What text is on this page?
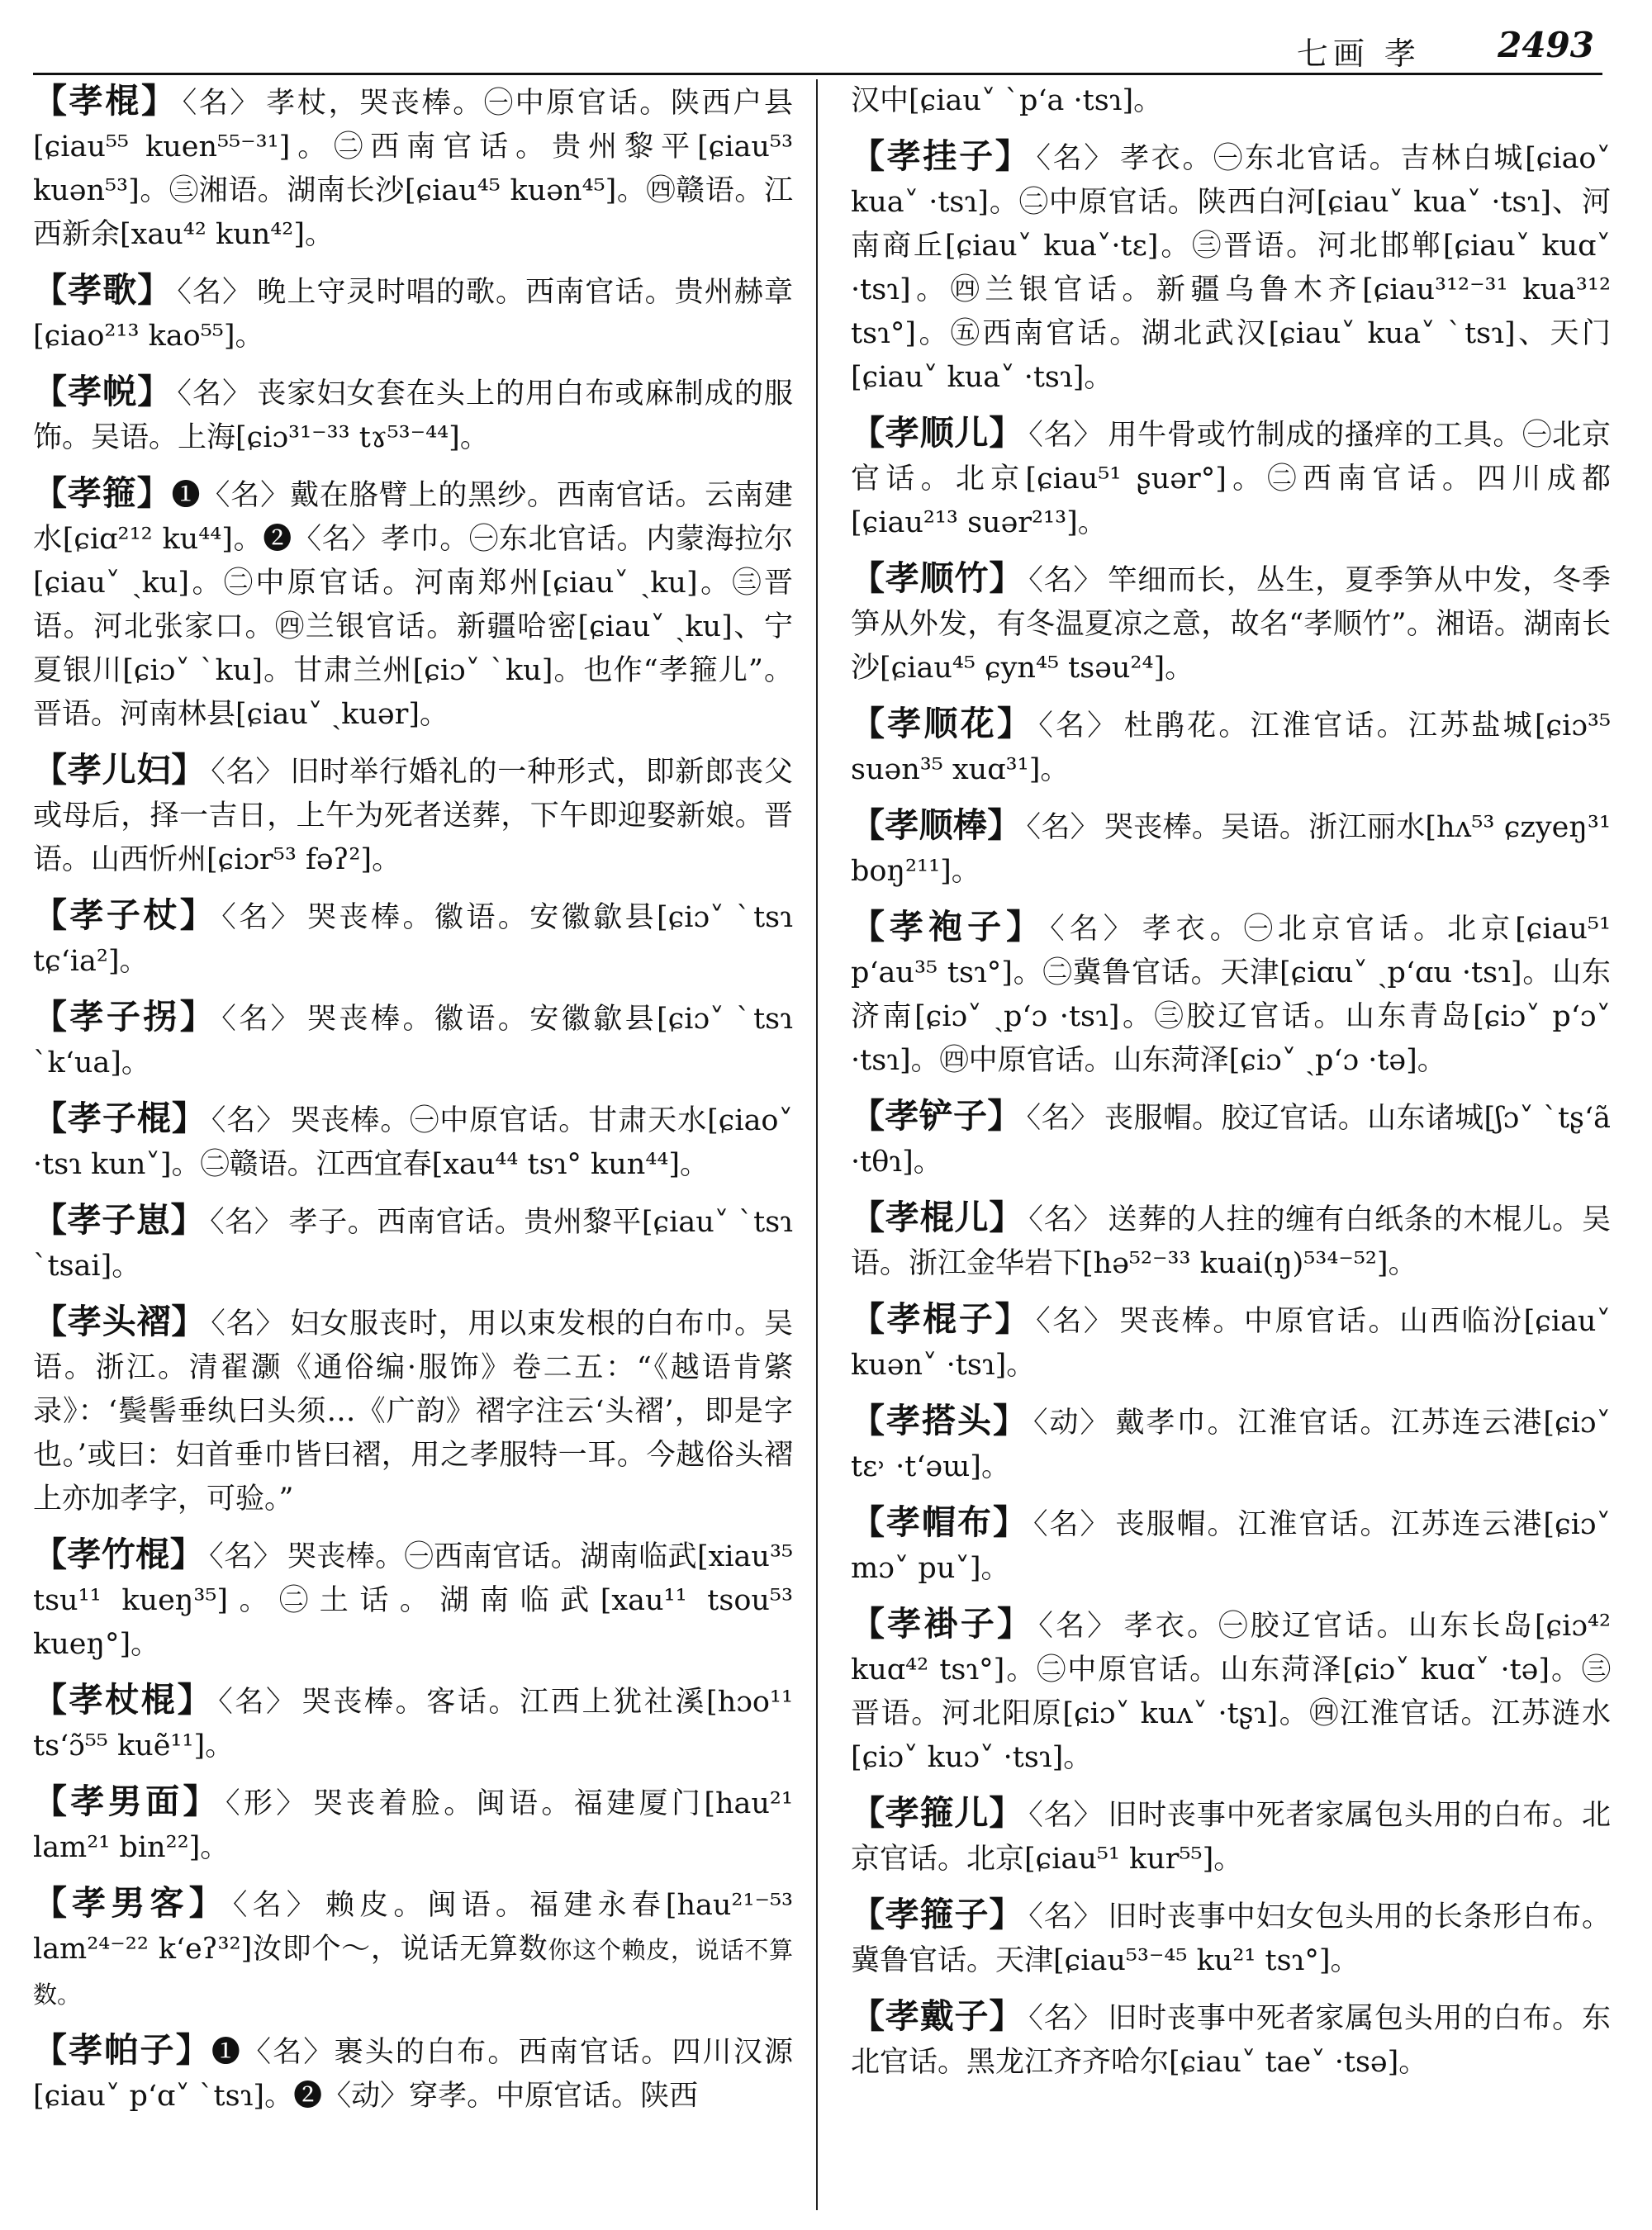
七画 孝 2493
【孝棍】 〈名〉 孝杖，哭丧棒。㊀中原官话。陕西户县[ɕiau⁵⁵ kuen⁵⁵⁻³¹]。㊁西南官话。贵州黎平[ɕiau⁵³ kuən⁵³]。㊂湘语。湖南长沙[ɕiau⁴⁵ kuən⁴⁵]。㊃赣语。江西新余[xau⁴² kun⁴²]。
【孝歌】 〈名〉 晚上守灵时唱的歌。西南官话。贵州赫章[ɕiao²¹³ kao⁵⁵]。
【孝帨】 〈名〉 丧家妇女套在头上的用白布或麻制成的服饰。吴语。上海[ɕiɔ³¹⁻³³ tɤ⁵³⁻⁴⁴]。
【孝箍】❶〈名〉戴在胳臂上的黑纱。西南官话。云南建水[ɕiɑ²¹² ku⁴⁴]。❷〈名〉孝巾。㊀东北官话。内蒙海拉尔[ɕiau˅ ˏku]。㊁中原官话。河南郑州[ɕiau˅ ˏku]。㊂晋语。河北张家口。㊃兰银官话。新疆哈密[ɕiau˅ ˏku]、宁夏银川[ɕiɔ˅ ˋku]。甘肃兰州[ɕiɔ˅ ˋku]。也作“孝箍儿”。晋语。河南林县[ɕiau˅ ˏkuər]。
【孝儿妇】 〈名〉 旧时举行婚礼的一种形式，即新郎丧父或母后，择一吉日，上午为死者送葬，下午即迎娶新娘。晋语。山西忻州[ɕiɔr⁵³ fəʔ²]。
【孝子杖】 〈名〉 哭丧棒。徽语。安徽歙县[ɕiɔ˅ ˋtsɿ tɕʻia²]。
【孝子拐】 〈名〉 哭丧棒。徽语。安徽歙县[ɕiɔ˅ ˋtsɿ ˋkʻua]。
【孝子棍】 〈名〉 哭丧棒。㊀中原官话。甘肃天水[ɕiao˅ ·tsɿ kun˅]。㊁赣语。江西宜春[xau⁴⁴ tsɿ° kun⁴⁴]。
【孝子崽】 〈名〉 孝子。西南官话。贵州黎平[ɕiau˅ ˋtsɿ ˋtsai]。
【孝头褶】 〈名〉 妇女服丧时，用以束发根的白布巾。吴语。浙江。清翟灏《通俗编·服饰》卷二五：“《越语肯綮录》：‘鬓髻垂纨曰头须…《广韵》褶字注云‘头褶’，即是字也。’或曰：妇首垂巾皆曰褶，用之孝服特一耳。今越俗头褶上亦加孝字，可验。”
【孝竹棍】 〈名〉 哭丧棒。㊀西南官话。湖南临武[xiau³⁵ tsu¹¹ kueŋ³⁵]。㊁土话。湖南临武[xau¹¹ tsou⁵³ kueŋ°]。
【孝杖棍】 〈名〉 哭丧棒。客话。江西上犹社溪[hɔo¹¹ tsʻɔ̃⁵⁵ kuẽ¹¹]。
【孝男面】 〈形〉 哭丧着脸。闽语。福建厦门[hau²¹ lam²¹ bin²²]。
【孝男客】 〈名〉 赖皮。闽语。福建永春[hau²¹⁻⁵³ lam²⁴⁻²² kʻeʔ³²]汝即个～，说话无算数你这个赖皮，说话不算数。
【孝帕子】❶〈名〉裹头的白布。西南官话。四川汉源[ɕiau˅ pʻɑ˅ ˋtsɿ]。❷〈动〉穿孝。中原官话。陕西
汉中[ɕiau˅ ˋpʻa ·tsɿ]。
【孝挂子】 〈名〉 孝衣。㊀东北官话。吉林白城[ɕiao˅ kua˅ ·tsɿ]。㊁中原官话。陕西白河[ɕiau˅ kua˅ ·tsɿ]、河南商丘[ɕiau˅ kua˅·tɛ]。㊂晋语。河北邯郸[ɕiau˅ kuɑ˅ ·tsɿ]。㊃兰银官话。新疆乌鲁木齐[ɕiau³¹²⁻³¹ kua³¹² tsɿ°]。㊄西南官话。湖北武汉[ɕiau˅ kua˅ ˋtsɿ]、天门[ɕiau˅ kua˅ ·tsɿ]。
【孝顺儿】 〈名〉 用牛骨或竹制成的搔痒的工具。㊀北京官话。北京[ɕiau⁵¹ ʂuər°]。㊁西南官话。四川成都[ɕiau²¹³ suər²¹³]。
【孝顺竹】 〈名〉 竿细而长，丛生，夏季笋从中发，冬季笋从外发，有冬温夏凉之意，故名“孝顺竹”。湘语。湖南长沙[ɕiau⁴⁵ ɕyn⁴⁵ tsəu²⁴]。
【孝顺花】 〈名〉 杜鹃花。江淮官话。江苏盐城[ɕiɔ³⁵ suən³⁵ xuɑ³¹]。
【孝顺棒】 〈名〉 哭丧棒。吴语。浙江丽水[hʌ⁵³ ɕzyeŋ³¹ boŋ²¹¹]。
【孝袍子】 〈名〉 孝衣。㊀北京官话。北京[ɕiau⁵¹ pʻau³⁵ tsɿ°]。㊁冀鲁官话。天津[ɕiɑu˅ ˏpʻɑu ·tsɿ]。山东济南[ɕiɔ˅ ˏpʻɔ ·tsɿ]。㊂胶辽官话。山东青岛[ɕiɔ˅ pʻɔ˅ ·tsɿ]。㊃中原官话。山东菏泽[ɕiɔ˅ ˏpʻɔ ·tə]。
【孝铲子】 〈名〉 丧服帽。胶辽官话。山东诸城[ʃɔ˅ ˋtʂʻã ·tθɿ]。
【孝棍儿】 〈名〉 送葬的人拄的缠有白纸条的木棍儿。吴语。浙江金华岩下[hə⁵²⁻³³ kuai(ŋ)⁵³⁴⁻⁵²]。
【孝棍子】 〈名〉 哭丧棒。中原官话。山西临汾[ɕiau˅ kuən˅ ·tsɿ]。
【孝搭头】 〈动〉 戴孝巾。江淮官话。江苏连云港[ɕiɔ˅ tɛ˒ ·tʻəɯ]。
【孝帽布】 〈名〉 丧服帽。江淮官话。江苏连云港[ɕiɔ˅ mɔ˅ pu˅]。
【孝褂子】 〈名〉 孝衣。㊀胶辽官话。山东长岛[ɕiɔ⁴² kuɑ⁴² tsɿ°]。㊁中原官话。山东菏泽[ɕiɔ˅ kuɑ˅ ·tə]。㊂晋语。河北阳原[ɕiɔ˅ kuʌ˅ ·tʂɿ]。㊃江淮官话。江苏涟水[ɕiɔ˅ kuɔ˅ ·tsɿ]。
【孝箍儿】 〈名〉 旧时丧事中死者家属包头用的白布。北京官话。北京[ɕiau⁵¹ kur⁵⁵]。
【孝箍子】 〈名〉 旧时丧事中妇女包头用的长条形白布。冀鲁官话。天津[ɕiau⁵³⁻⁴⁵ ku²¹ tsɿ°]。
【孝戴子】 〈名〉 旧时丧事中死者家属包头用的白布。东北官话。黑龙江齐齐哈尔[ɕiau˅ tae˅ ·tsə]。
